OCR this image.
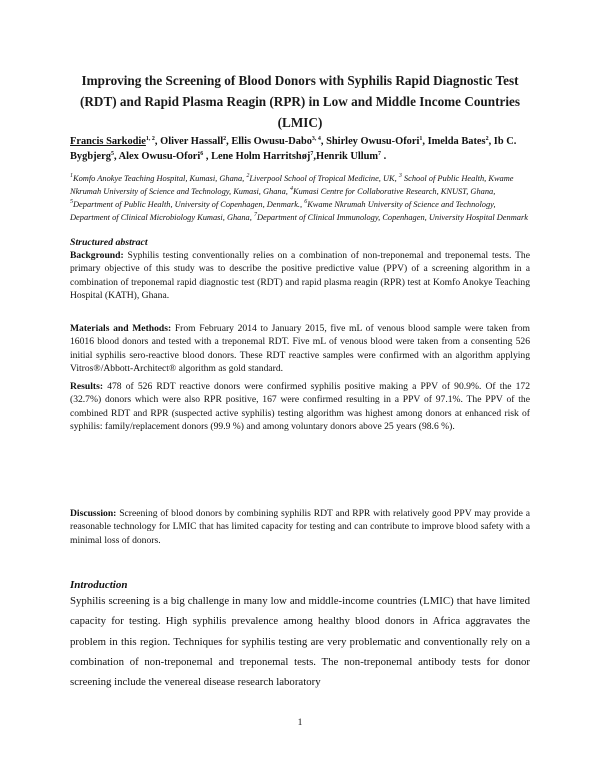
Improving the Screening of Blood Donors with Syphilis Rapid Diagnostic Test (RDT) and Rapid Plasma Reagin (RPR) in Low and Middle Income Countries (LMIC)
Francis Sarkodie$^{1, 2}$, Oliver Hassall$^2$, Ellis Owusu-Dabo$^{3, 4}$, Shirley Owusu-Ofori$^1$, Imelda Bates$^2$, Ib C. Bygbjerg$^5$, Alex Owusu-Ofori$^6$ , Lene Holm Harritshøj$^7$,Henrik Ullum$^7$ .
$^1$Komfo Anokye Teaching Hospital, Kumasi, Ghana, $^2$Liverpool School of Tropical Medicine, UK, $^3$ School of Public Health, Kwame Nkrumah University of Science and Technology, Kumasi, Ghana, $^4$Kumasi Centre for Collaborative Research, KNUST, Ghana, $^5$Department of Public Health, University of Copenhagen, Denmark., $^6$Kwame Nkrumah University of Science and Technology, Department of Clinical Microbiology Kumasi, Ghana, $^7$Department of Clinical Immunology, Copenhagen, University Hospital Denmark
Structured abstract
Background: Syphilis testing conventionally relies on a combination of non-treponemal and treponemal tests. The primary objective of this study was to describe the positive predictive value (PPV) of a screening algorithm in a combination of treponemal rapid diagnostic test (RDT) and rapid plasma reagin (RPR) test at Komfo Anokye Teaching Hospital (KATH), Ghana.
Materials and Methods: From February 2014 to January 2015, five mL of venous blood sample were taken from 16016 blood donors and tested with a treponemal RDT. Five mL of venous blood were taken from a consenting 526 initial syphilis sero-reactive blood donors. These RDT reactive samples were confirmed with an algorithm applying Vitros®/Abbott-Architect® algorithm as gold standard.
Results: 478 of 526 RDT reactive donors were confirmed syphilis positive making a PPV of 90.9%. Of the 172 (32.7%) donors which were also RPR positive, 167 were confirmed resulting in a PPV of 97.1%. The PPV of the combined RDT and RPR (suspected active syphilis) testing algorithm was highest among donors at enhanced risk of syphilis: family/replacement donors (99.9 %) and among voluntary donors above 25 years (98.6 %).
Discussion: Screening of blood donors by combining syphilis RDT and RPR with relatively good PPV may provide a reasonable technology for LMIC that has limited capacity for testing and can contribute to improve blood safety with a minimal loss of donors.
Introduction
Syphilis screening is a big challenge in many low and middle-income countries (LMIC) that have limited capacity for testing. High syphilis prevalence among healthy blood donors in Africa aggravates the problem in this region. Techniques for syphilis testing are very problematic and conventionally rely on a combination of non-treponemal and treponemal tests. The non-treponemal antibody tests for donor screening include the venereal disease research laboratory
1
